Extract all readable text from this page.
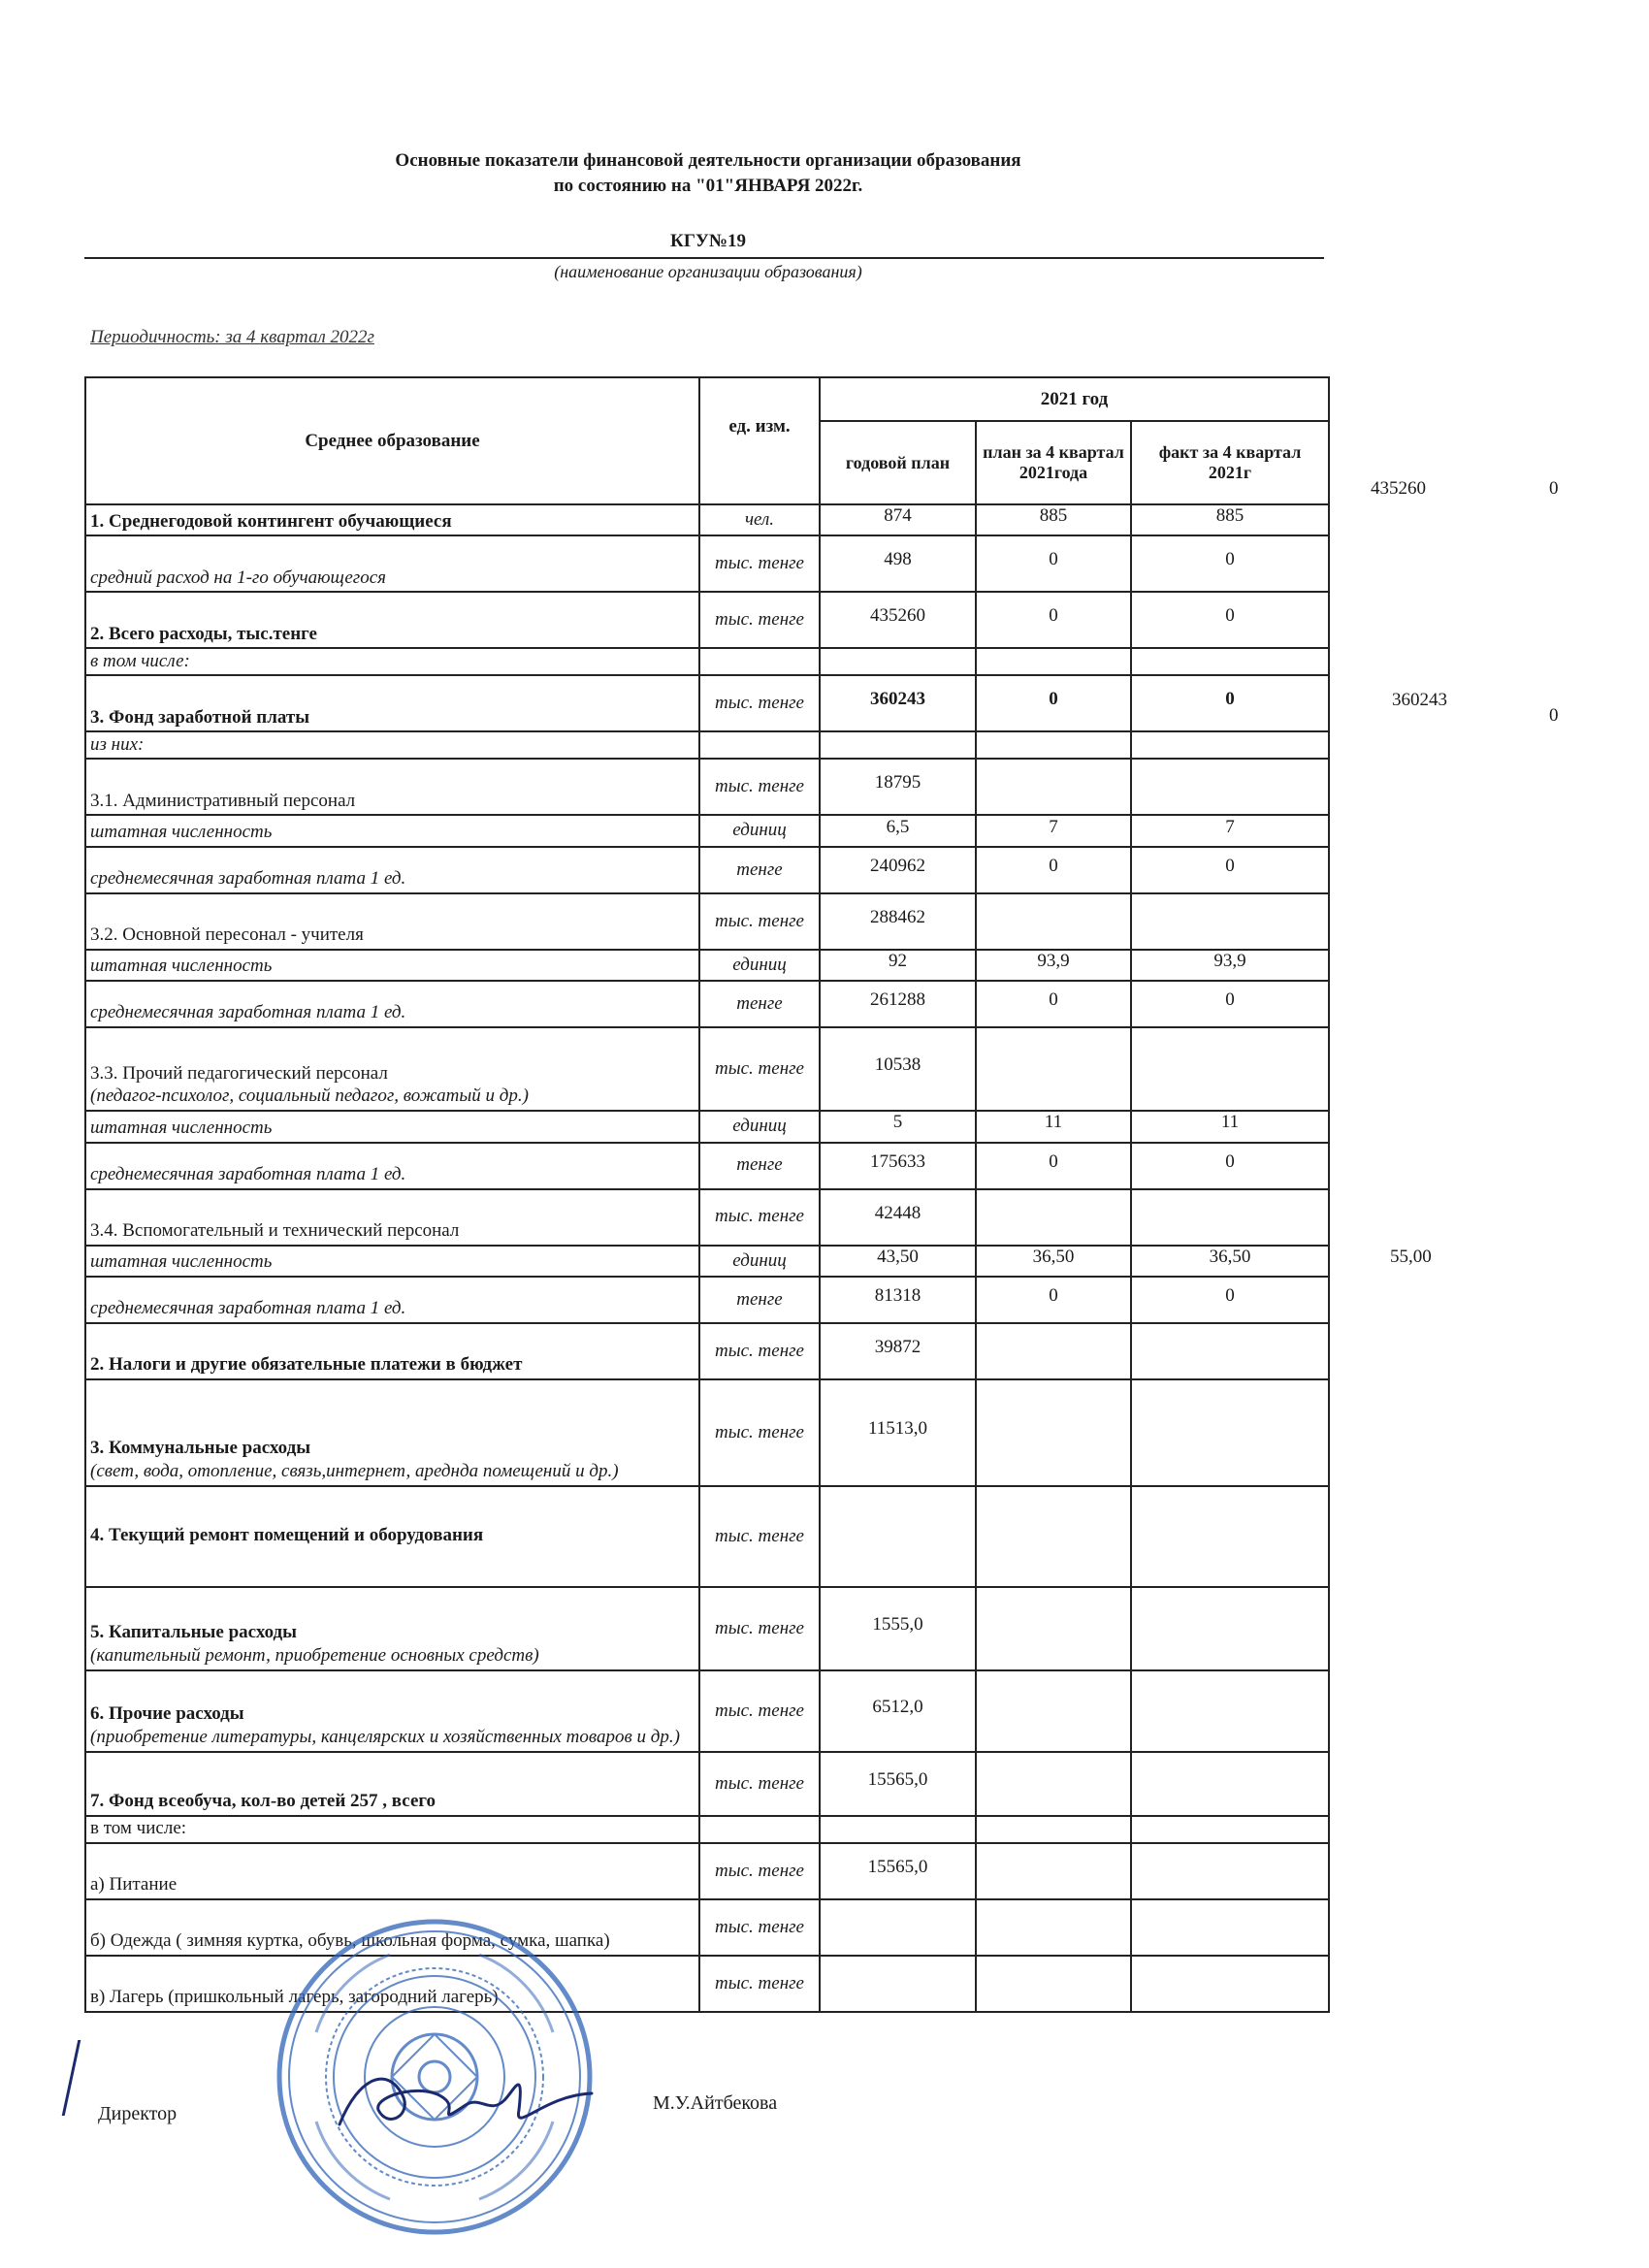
Основные показатели финансовой деятельности организации образования
по состоянию на "01"ЯНВАРЯ 2022г.
КГУ№19
(наименование организации образования)
Периодичность: за 4 квартал 2022г
Среднее образование	ед. изм.	2021 год		
		годовой план	план за 4 квартал 2021года	факт за 4 квартал 2021г
1. Среднегодовой контингент обучающиеся	чел.	874	885	885
средний расход на 1-го обучающегося	тыс. тенге	498	0	0
2. Всего расходы, тыс.тенге	тыс. тенге	435260	0	0
в том числе:				
3. Фонд заработной платы	тыс. тенге	360243	0	0
из них:				
3.1. Административный персонал	тыс. тенге	18795		
штатная численность	единиц	6,5	7	7
среднемесячная заработная плата 1 ед.	тенге	240962	0	0
3.2. Основной пересонал - учителя	тыс. тенге	288462		
штатная численность	единиц	92	93,9	93,9
среднемесячная заработная плата 1 ед.	тенге	261288	0	0
3.3. Прочий педагогический персонал
(педагог-психолог, социальный педагог, вожатый и др.)	тыс. тенге	10538		
штатная численность	единиц	5	11	11
среднемесячная заработная плата 1 ед.	тенге	175633	0	0
3.4. Вспомогательный и технический персонал	тыс. тенге	42448		
штатная численность	единиц	43,50	36,50	36,50
среднемесячная заработная плата 1 ед.	тенге	81318	0	0
2. Налоги и другие обязательные платежи в бюджет	тыс. тенге	39872		
3. Коммунальные расходы
(свет, вода, отопление, связь,интернет, ареднда помещений и др.)	тыс. тенге	11513,0		
4. Текущий ремонт помещений и оборудования	тыс. тенге			
5. Капитальные расходы
(капительный ремонт, приобретение основных средств)	тыс. тенге	1555,0		
6. Прочие расходы
(приобретение литературы, канцелярских и хозяйственных товаров и др.)	тыс. тенге	6512,0		
7. Фонд всеобуча, кол-во детей 257 , всего	тыс. тенге	15565,0		
в том числе:				
а) Питание	тыс. тенге	15565,0		
б) Одежда ( зимняя куртка, обувь, школьная форма, сумка, шапка)	тыс. тенге			
в) Лагерь (пришкольный лагерь, загородний лагерь)	тыс. тенге			
435260	0
360243
0
55,00
Директор	М.У.Айтбекова
